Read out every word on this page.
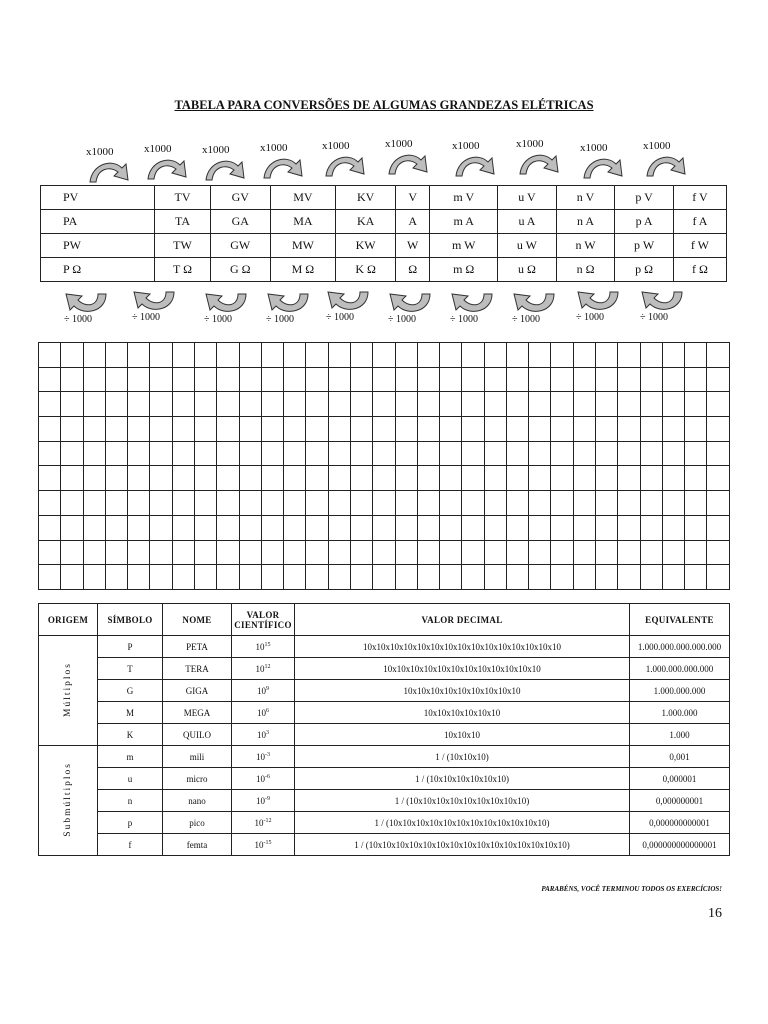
TABELA PARA CONVERSÕES DE ALGUMAS GRANDEZAS ELÉTRICAS
x1000	x1000	x1000	x1000	x1000	x1000	x1000	x1000	x1000	x1000
÷ 1000	÷ 1000	÷ 1000	÷ 1000	÷ 1000	÷ 1000	÷ 1000	÷ 1000	÷ 1000	÷ 1000
PV	TV	GV	MV	KV	V	m V	u V	n V	p V	f V
PA	TA	GA	MA	KA	A	m A	u A	n A	p A	f A
PW	TW	GW	MW	KW	W	m W	u W	n W	p W	f W
P Ω	T Ω	G Ω	M Ω	K Ω	Ω	m Ω	u Ω	n Ω	p Ω	f Ω

ORIGEM	SÍMBOLO	NOME	VALOR CIENTÍFICO	VALOR DECIMAL	EQUIVALENTE
Múltiplos	P	PETA	$10^{15}$	10x10x10x10x10x10x10x10x10x10x10x10x10x10x10	1.000.000.000.000.000
	T	TERA	$10^{12}$	10x10x10x10x10x10x10x10x10x10x10x10	1.000.000.000.000
	G	GIGA	$10^9$	10x10x10x10x10x10x10x10x10	1.000.000.000
	M	MEGA	$10^6$	10x10x10x10x10x10	1.000.000
	K	QUILO	$10^3$	10x10x10	1.000
Submúltiplos	m	mili	$10^{-3}$	1 / (10x10x10)	0,001
	u	micro	$10^{-6}$	1 / (10x10x10x10x10x10)	0,000001
	n	nano	$10^{-9}$	1 / (10x10x10x10x10x10x10x10x10)	0,000000001
	p	pico	$10^{-12}$	1 / (10x10x10x10x10x10x10x10x10x10x10x10)	0,000000000001
	f	femta	$10^{-15}$	1 / (10x10x10x10x10x10x10x10x10x10x10x10x10x10x10)	0,000000000000001
PARABÉNS, VOCÊ TERMINOU TODOS OS EXERCÍCIOS!
16
